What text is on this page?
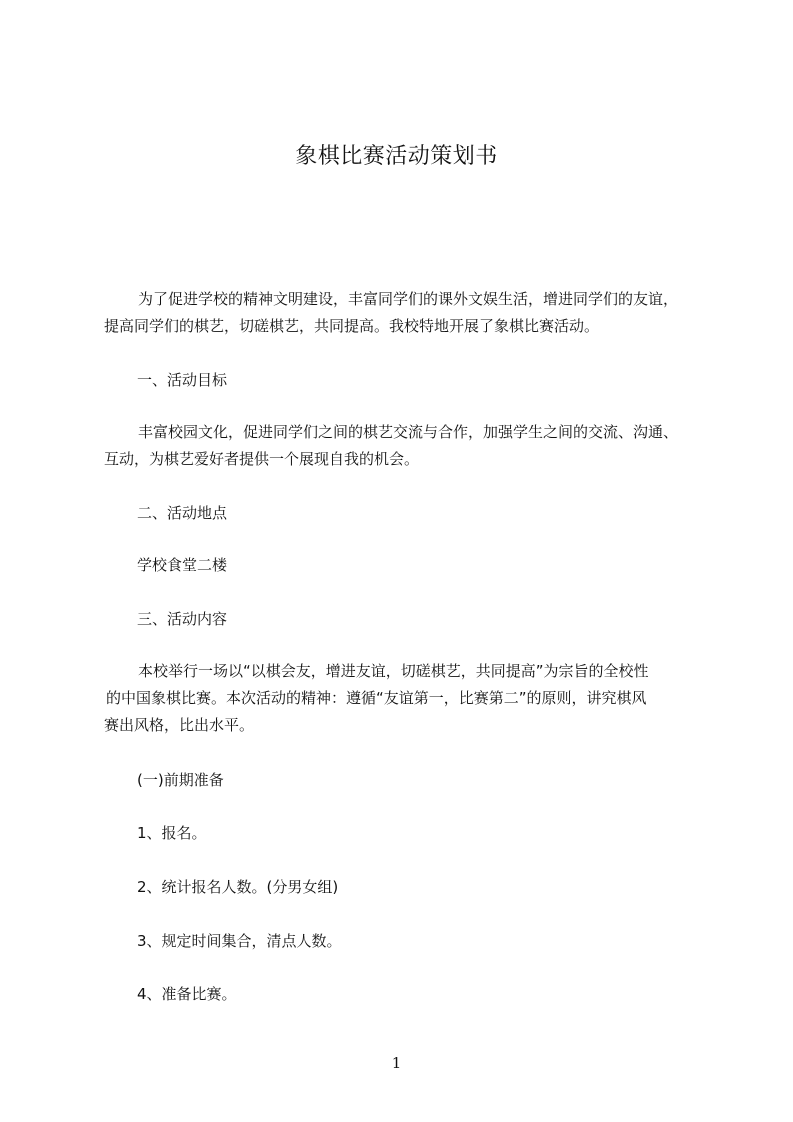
象棋比赛活动策划书
为了促进学校的精神文明建设，丰富同学们的课外文娱生活，增进同学们的友谊，
提高同学们的棋艺，切磋棋艺，共同提高。我校特地开展了象棋比赛活动。
一、活动目标
丰富校园文化，促进同学们之间的棋艺交流与合作，加强学生之间的交流、沟通、
互动，为棋艺爱好者提供一个展现自我的机会。
二、活动地点
学校食堂二楼
三、活动内容
本校举行一场以“以棋会友，增进友谊，切磋棋艺，共同提高”为宗旨的全校性
的中国象棋比赛。本次活动的精神：遵循“友谊第一，比赛第二”的原则，讲究棋风
赛出风格，比出水平。
(一)前期准备
1、报名。
2、统计报名人数。(分男女组)
3、规定时间集合，清点人数。
4、准备比赛。
1
